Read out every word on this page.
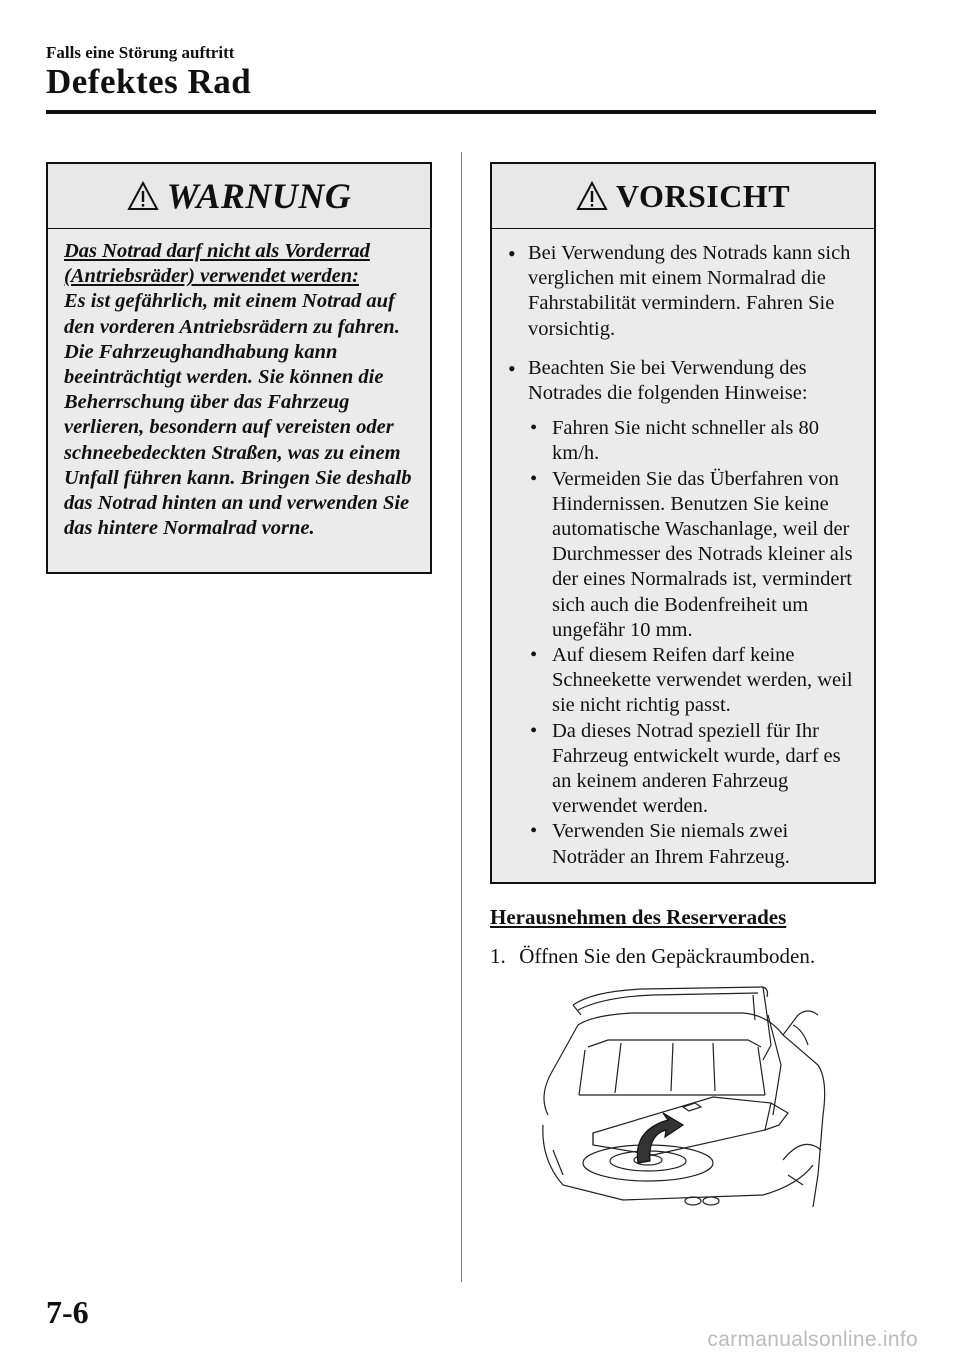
Falls eine Störung auftritt
Defektes Rad
WARNUNG
Das Notrad darf nicht als Vorderrad
(Antriebsräder) verwendet werden:
Es ist gefährlich, mit einem Notrad auf den vorderen Antriebsrädern zu fahren. Die Fahrzeughandhabung kann beeinträchtigt werden. Sie können die Beherrschung über das Fahrzeug verlieren, besondern auf vereisten oder schneebedeckten Straßen, was zu einem Unfall führen kann. Bringen Sie deshalb das Notrad hinten an und verwenden Sie das hintere Normalrad vorne.
VORSICHT
• Bei Verwendung des Notrads kann sich verglichen mit einem Normalrad die Fahrstabilität vermindern. Fahren Sie vorsichtig.
• Beachten Sie bei Verwendung des Notrades die folgenden Hinweise:
• Fahren Sie nicht schneller als 80 km/h.
• Vermeiden Sie das Überfahren von Hindernissen. Benutzen Sie keine automatische Waschanlage, weil der Durchmesser des Notrads kleiner als der eines Normalrads ist, vermindert sich auch die Bodenfreiheit um ungefähr 10 mm.
• Auf diesem Reifen darf keine Schneekette verwendet werden, weil sie nicht richtig passt.
• Da dieses Notrad speziell für Ihr Fahrzeug entwickelt wurde, darf es an keinem anderen Fahrzeug verwendet werden.
• Verwenden Sie niemals zwei Noträder an Ihrem Fahrzeug.
Herausnehmen des Reserverades
1. Öffnen Sie den Gepäckraumboden.
7-6
carmanualsonline.info
